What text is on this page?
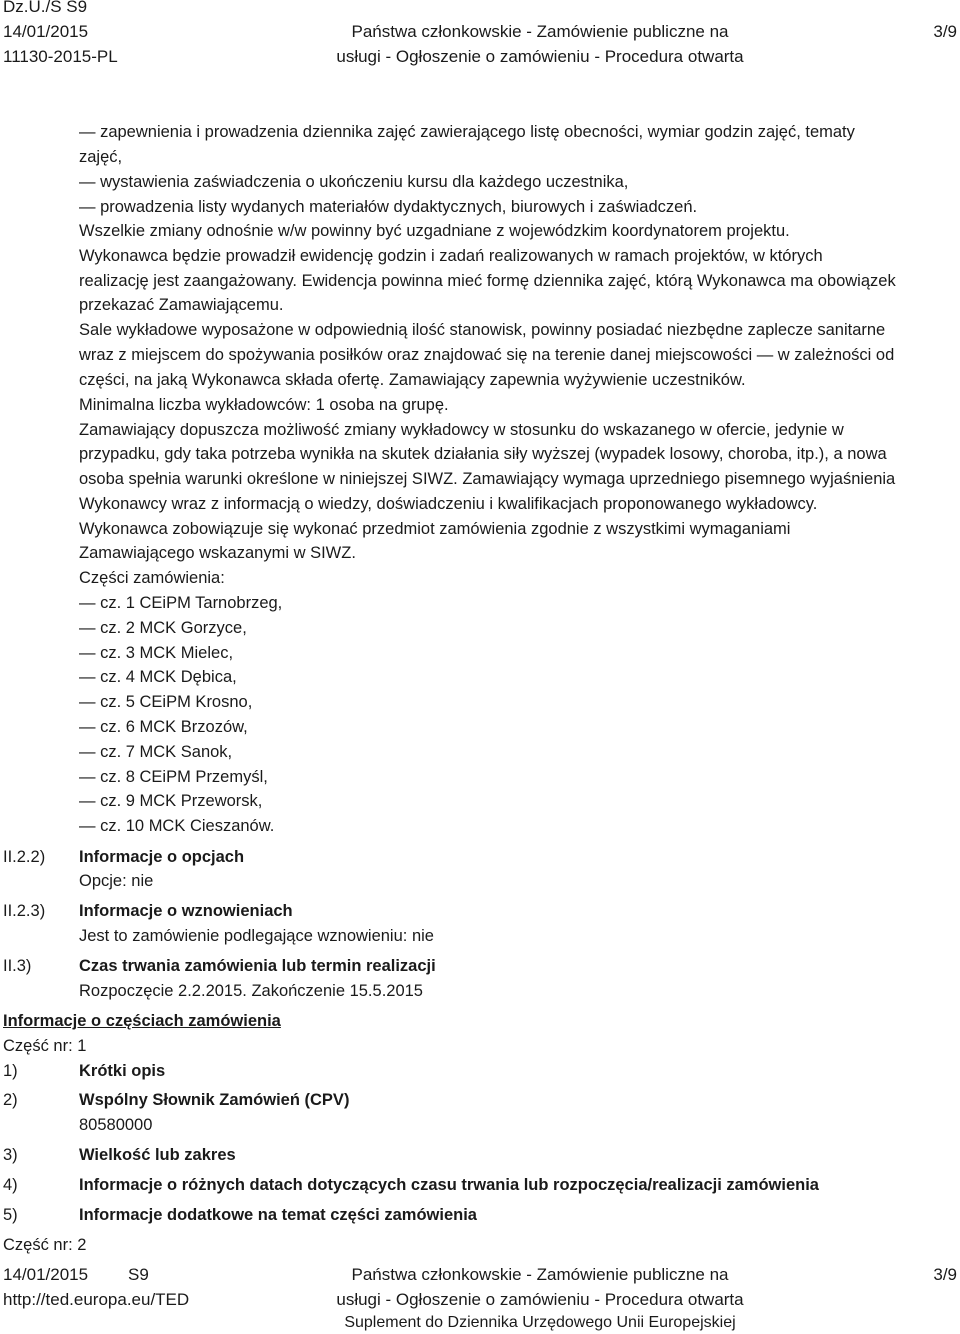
Dz.U./S S9
14/01/2015
11130-2015-PL
Państwa członkowskie - Zamówienie publiczne na
usługi - Ogłoszenie o zamówieniu - Procedura otwarta
3/9
— zapewnienia i prowadzenia dziennika zajęć zawierającego listę obecności, wymiar godzin zajęć, tematy
zajęć,
— wystawienia zaświadczenia o ukończeniu kursu dla każdego uczestnika,
— prowadzenia listy wydanych materiałów dydaktycznych, biurowych i zaświadczeń.
Wszelkie zmiany odnośnie w/w powinny być uzgadniane z wojewódzkim koordynatorem projektu.
Wykonawca będzie prowadził ewidencję godzin i zadań realizowanych w ramach projektów, w których
realizację jest zaangażowany. Ewidencja powinna mieć formę dziennika zajęć, którą Wykonawca ma obowiązek
przekazać Zamawiającemu.
Sale wykładowe wyposażone w odpowiednią ilość stanowisk, powinny posiadać niezbędne zaplecze sanitarne
wraz z miejscem do spożywania posiłków oraz znajdować się na terenie danej miejscowości — w zależności od
części, na jaką Wykonawca składa ofertę. Zamawiający zapewnia wyżywienie uczestników.
Minimalna liczba wykładowców: 1 osoba na grupę.
Zamawiający dopuszcza możliwość zmiany wykładowcy w stosunku do wskazanego w ofercie, jedynie w
przypadku, gdy taka potrzeba wynikła na skutek działania siły wyższej (wypadek losowy, choroba, itp.), a nowa
osoba spełnia warunki określone w niniejszej SIWZ. Zamawiający wymaga uprzedniego pisemnego wyjaśnienia
Wykonawcy wraz z informacją o wiedzy, doświadczeniu i kwalifikacjach proponowanego wykładowcy.
Wykonawca zobowiązuje się wykonać przedmiot zamówienia zgodnie z wszystkimi wymaganiami
Zamawiającego wskazanymi w SIWZ.
Części zamówienia:
— cz. 1 CEiPM Tarnobrzeg,
— cz. 2 MCK Gorzyce,
— cz. 3 MCK Mielec,
— cz. 4 MCK Dębica,
— cz. 5 CEiPM Krosno,
— cz. 6 MCK Brzozów,
— cz. 7 MCK Sanok,
— cz. 8 CEiPM Przemyśl,
— cz. 9 MCK Przeworsk,
— cz. 10 MCK Cieszanów.
II.2.2) Informacje o opcjach
Opcje: nie
II.2.3) Informacje o wznowieniach
Jest to zamówienie podlegające wznowieniu: nie
II.3)	Czas trwania zamówienia lub termin realizacji
Rozpoczęcie 2.2.2015. Zakończenie 15.5.2015
Informacje o częściach zamówienia
Część nr: 1
1)	Krótki opis
2)	Wspólny Słownik Zamówień (CPV)
80580000
3)	Wielkość lub zakres
4)	Informacje o różnych datach dotyczących czasu trwania lub rozpoczęcia/realizacji zamówienia
5)	Informacje dodatkowe na temat części zamówienia
Część nr: 2
14/01/2015 S9
http://ted.europa.eu/TED
Państwa członkowskie - Zamówienie publiczne na
usługi - Ogłoszenie o zamówieniu - Procedura otwarta
Suplement do Dziennika Urzędowego Unii Europejskiej
3/9
